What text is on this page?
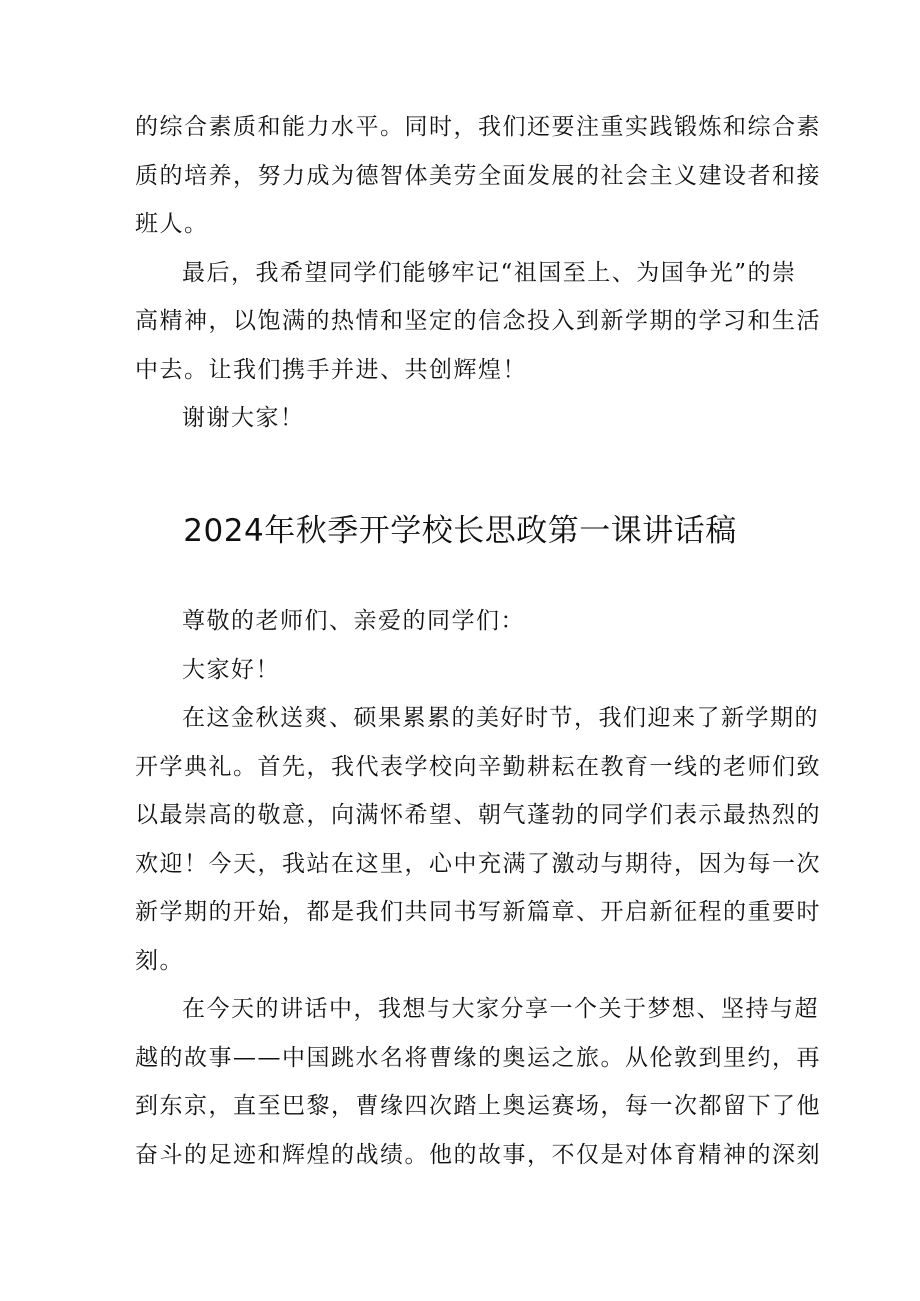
的综合素质和能力水平。同时，我们还要注重实践锻炼和综合素
质的培养，努力成为德智体美劳全面发展的社会主义建设者和接
班人。
最后，我希望同学们能够牢记“祖国至上、为国争光”的崇
高精神，以饱满的热情和坚定的信念投入到新学期的学习和生活
中去。让我们携手并进、共创辉煌！
谢谢大家！
2024年秋季开学校长思政第一课讲话稿
尊敬的老师们、亲爱的同学们：
大家好！
在这金秋送爽、硕果累累的美好时节，我们迎来了新学期的
开学典礼。首先，我代表学校向辛勤耕耘在教育一线的老师们致
以最崇高的敬意，向满怀希望、朝气蓬勃的同学们表示最热烈的
欢迎！今天，我站在这里，心中充满了激动与期待，因为每一次
新学期的开始，都是我们共同书写新篇章、开启新征程的重要时
刻。
在今天的讲话中，我想与大家分享一个关于梦想、坚持与超
越的故事——中国跳水名将曹缘的奥运之旅。从伦敦到里约，再
到东京，直至巴黎，曹缘四次踏上奥运赛场，每一次都留下了他
奋斗的足迹和辉煌的战绩。他的故事，不仅是对体育精神的深刻
